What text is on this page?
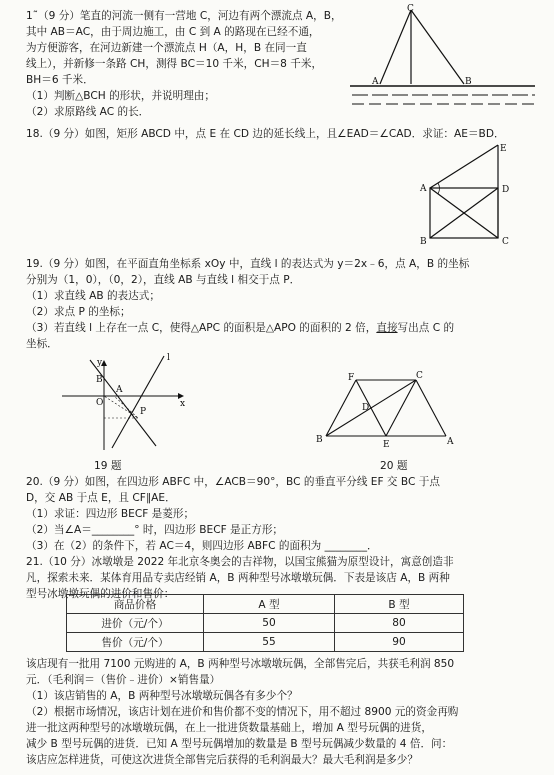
1˜（9 分）笔直的河流一侧有一营地 C，河边有两个漂流点 A，B，
其中 AB＝AC，由于周边施工，由 C 到 A 的路现在已经不通，
为方便游客，在河边新建一个漂流点 H（A，H，B 在同一直
线上），并新修一条路 CH，测得 BC＝10 千米，CH＝8 千米，
BH＝6 千米．
（1）判断△BCH 的形状，并说明理由；
（2）求原路线 AC 的长．
C
A	B
18.（9 分）如图，矩形 ABCD 中，点 E 在 CD 边的延长线上，且∠EAD＝∠CAD．求证：AE＝BD．
E
A	D
B	C
19.（9 分）如图，在平面直角坐标系 xOy 中，直线 l 的表达式为 y＝2x﹣6，点 A，B 的坐标
分别为（1，0），（0，2），直线 AB 与直线 l 相交于点 P．
（1）求直线 AB 的表达式；
（2）求点 P 的坐标；
（3）若直线 l 上存在一点 C，使得△APC 的面积是△APO 的面积的 2 倍，直接写出点 C 的
坐标．
l
y
x
B
A
P
O
F	C
D
B	E	A
19 题	20 题
20.（9 分）如图，在四边形 ABFC 中，∠ACB＝90°，BC 的垂直平分线 EF 交 BC 于点
D，交 AB 于点 E，且 CF∥AE．
（1）求证：四边形 BECF 是菱形；
（2）当∠A＝________° 时，四边形 BECF 是正方形；
（3）在（2）的条件下，若 AC＝4，则四边形 ABFC 的面积为 ________．
21.（10 分）冰墩墩是 2022 年北京冬奥会的吉祥物，以国宝熊猫为原型设计，寓意创造非
凡，探索未来．某体育用品专卖店经销 A，B 两种型号冰墩墩玩偶．下表是该店 A，B 两种
型号冰墩墩玩偶的进价和售价：
商品价格	A 型	B 型
进价（元/个）	50	80
售价（元/个）	55	90
该店现有一批用 7100 元购进的 A，B 两种型号冰墩墩玩偶，全部售完后，共获毛利润 850
元．（毛利润＝（售价﹣进价）×销售量）
（1）该店销售的 A，B 两种型号冰墩墩玩偶各有多少个？
（2）根据市场情况，该店计划在进价和售价都不变的情况下，用不超过 8900 元的资金再购
进一批这两种型号的冰墩墩玩偶，在上一批进货数量基础上，增加 A 型号玩偶的进货，
减少 B 型号玩偶的进货．已知 A 型号玩偶增加的数量是 B 型号玩偶减少数量的 4 倍．问：
该店应怎样进货，可使这次进货全部售完后获得的毛利润最大？最大毛利润是多少？
